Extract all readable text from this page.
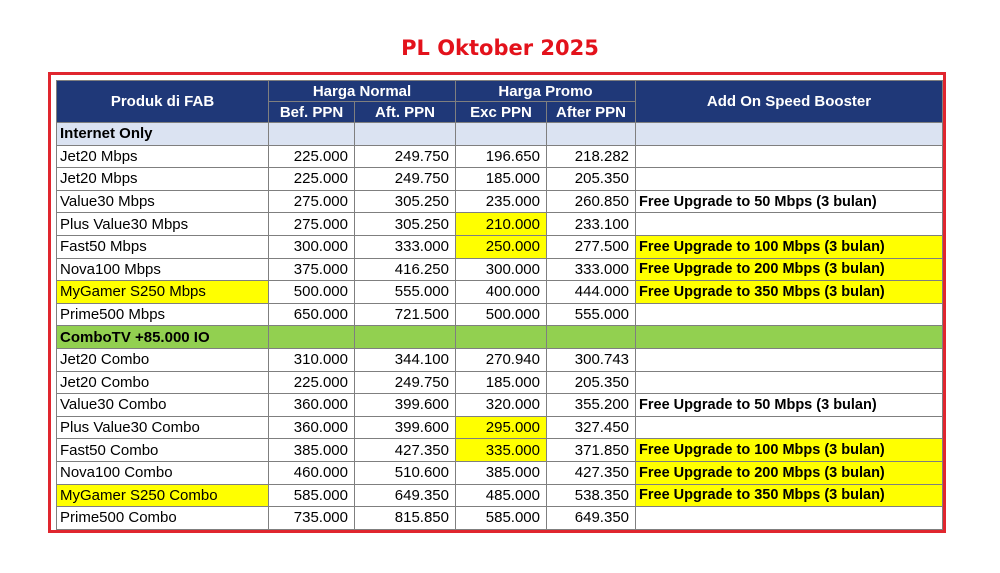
PL Oktober 2025
Produk di FAB	Harga Normal		Harga Promo		Add On Speed Booster
	Bef. PPN	Aft. PPN	Exc PPN	After PPN	
Internet Only					
Jet20 Mbps	225.000	249.750	196.650	218.282	
Jet20 Mbps	225.000	249.750	185.000	205.350	
Value30 Mbps	275.000	305.250	235.000	260.850	Free Upgrade to 50 Mbps (3 bulan)
Plus Value30 Mbps	275.000	305.250	210.000	233.100	
Fast50 Mbps	300.000	333.000	250.000	277.500	Free Upgrade to 100 Mbps (3 bulan)
Nova100 Mbps	375.000	416.250	300.000	333.000	Free Upgrade to 200 Mbps (3 bulan)
MyGamer S250 Mbps	500.000	555.000	400.000	444.000	Free Upgrade to 350 Mbps (3 bulan)
Prime500 Mbps	650.000	721.500	500.000	555.000	
ComboTV +85.000 IO					
Jet20 Combo	310.000	344.100	270.940	300.743	
Jet20 Combo	225.000	249.750	185.000	205.350	
Value30 Combo	360.000	399.600	320.000	355.200	Free Upgrade to 50 Mbps (3 bulan)
Plus Value30 Combo	360.000	399.600	295.000	327.450	
Fast50 Combo	385.000	427.350	335.000	371.850	Free Upgrade to 100 Mbps (3 bulan)
Nova100 Combo	460.000	510.600	385.000	427.350	Free Upgrade to 200 Mbps (3 bulan)
MyGamer S250 Combo	585.000	649.350	485.000	538.350	Free Upgrade to 350 Mbps (3 bulan)
Prime500 Combo	735.000	815.850	585.000	649.350	
